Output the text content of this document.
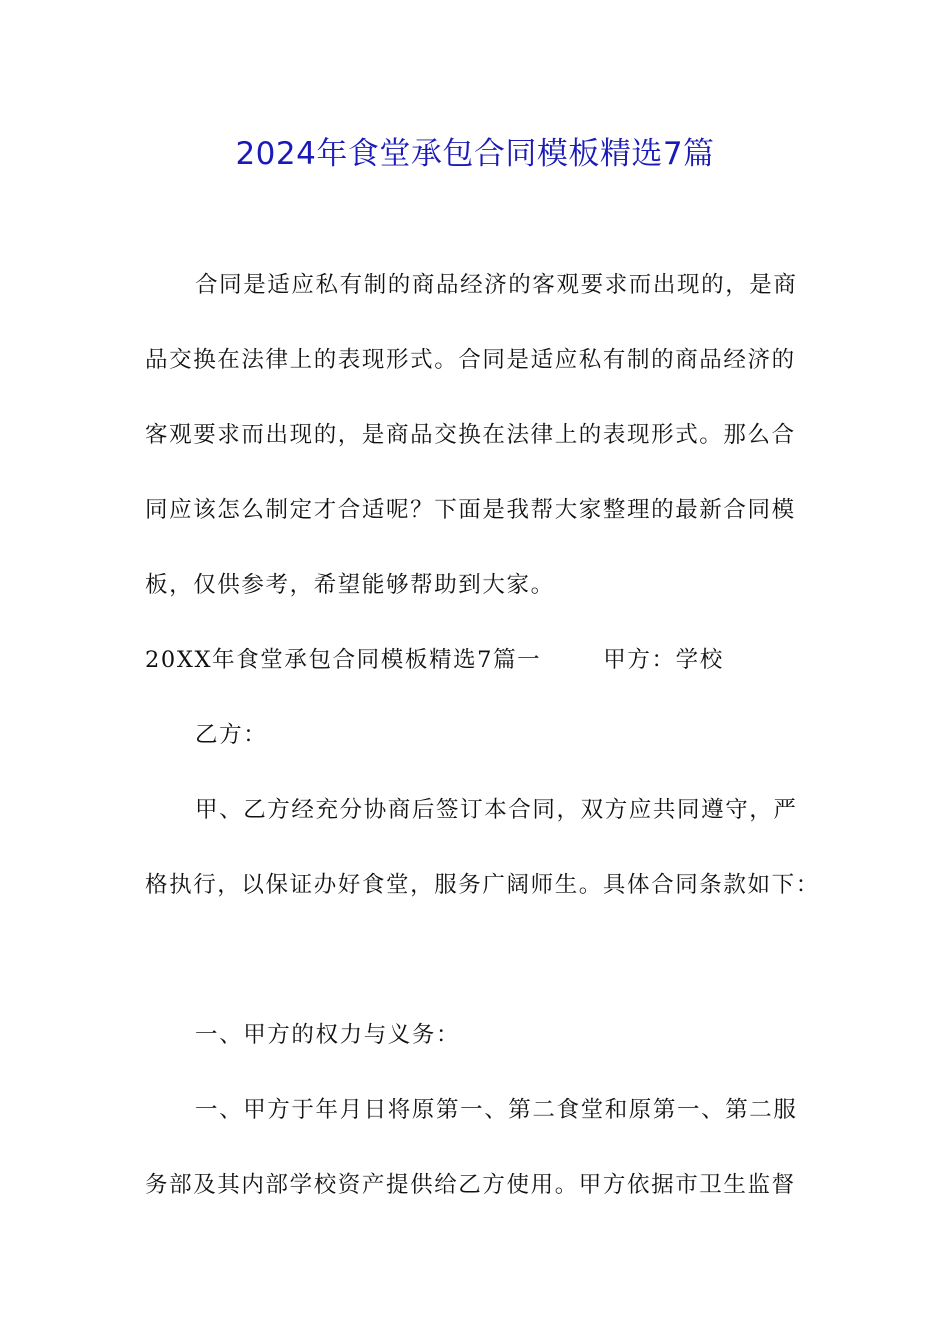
2024年食堂承包合同模板精选7篇
合同是适应私有制的商品经济的客观要求而出现的，是商
品交换在法律上的表现形式。合同是适应私有制的商品经济的
客观要求而出现的，是商品交换在法律上的表现形式。那么合
同应该怎么制定才合适呢？下面是我帮大家整理的最新合同模
板，仅供参考，希望能够帮助到大家。
20XX年食堂承包合同模板精选7篇一	甲方：学校
乙方：
甲、乙方经充分协商后签订本合同，双方应共同遵守，严
格执行，以保证办好食堂，服务广阔师生。具体合同条款如下：
一、甲方的权力与义务：
一、甲方于年月日将原第一、第二食堂和原第一、第二服
务部及其内部学校资产提供给乙方使用。甲方依据市卫生监督
